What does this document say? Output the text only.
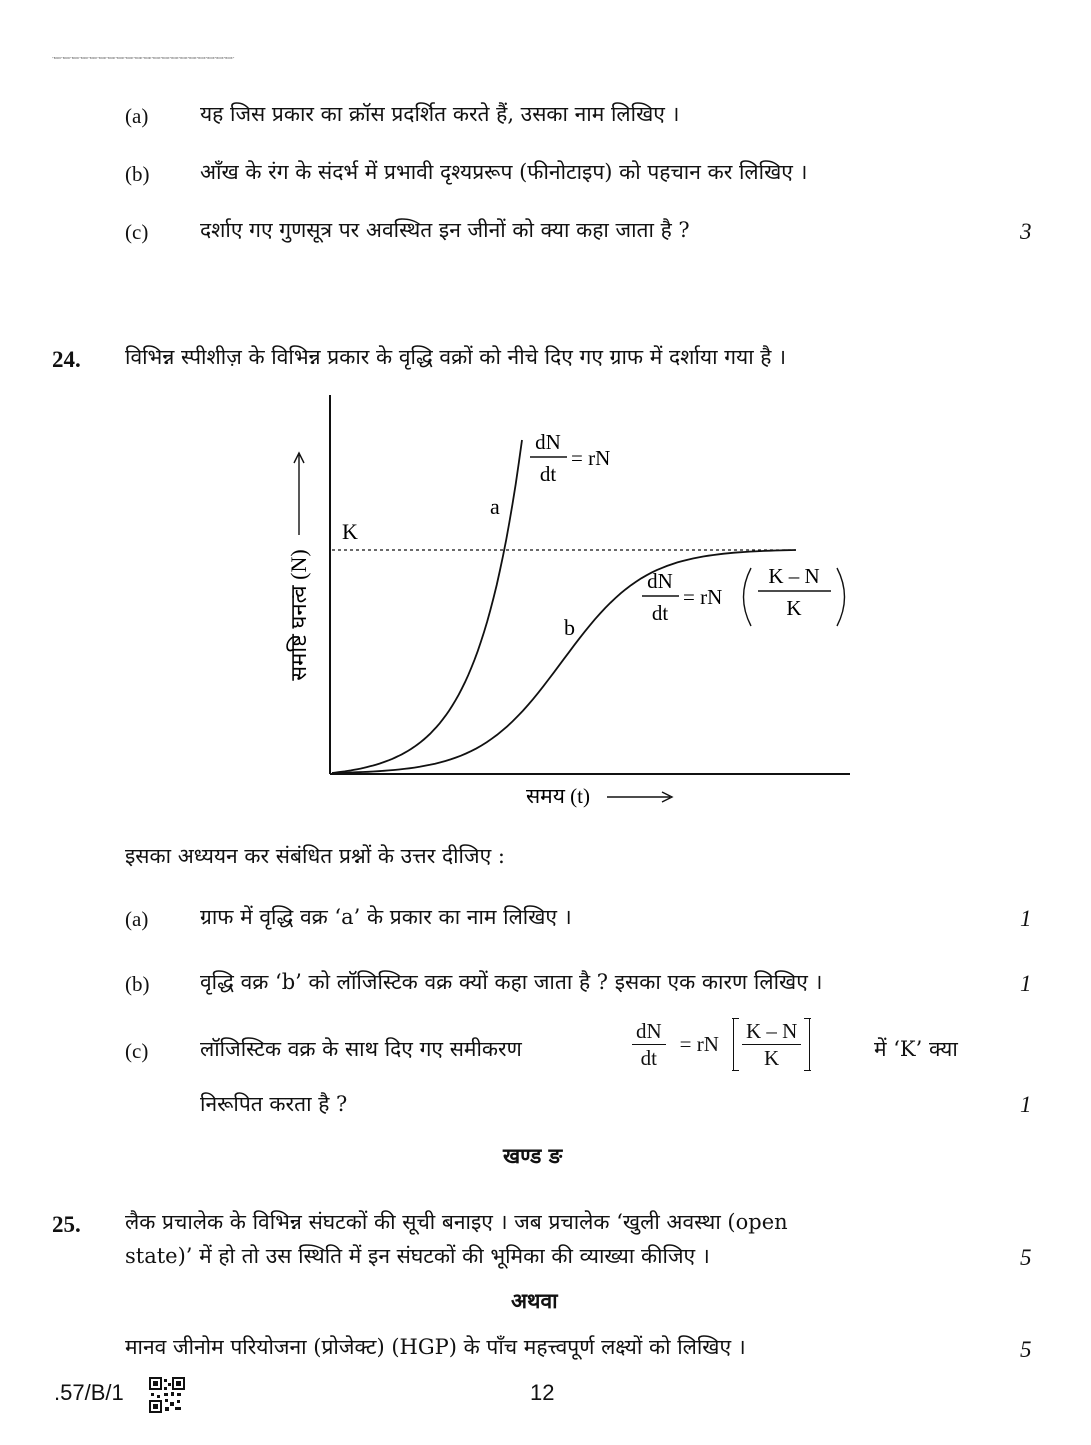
*BOOK*BOOK*BOOK*BOOK*BOOK*BOOK*BOOK*BOOK*BOOK*BOOK*BOOK*BOOK*BOOK*BOOK*BOOK*BOOK*BOOK*BOOK*BOOK*BOOK*
(a) यह जिस प्रकार का क्रॉस प्रदर्शित करते हैं, उसका नाम लिखिए ।
(b) आँख के रंग के संदर्भ में प्रभावी दृश्यप्ररूप (फीनोटाइप) को पहचान कर लिखिए ।
(c) दर्शाए गए गुणसूत्र पर अवस्थित इन जीनों को क्या कहा जाता है ?	3
24. विभिन्न स्पीशीज़ के विभिन्न प्रकार के वृद्धि वक्रों को नीचे दिए गए ग्राफ में दर्शाया गया है ।
K
a
b
dN
dt
= rN
dN
dt
= rN
K – N
K
समष्टि घनत्व (N)
समय (t)
इसका अध्ययन कर संबंधित प्रश्नों के उत्तर दीजिए :
(a) ग्राफ में वृद्धि वक्र ‘a’ के प्रकार का नाम लिखिए ।	1
(b) वृद्धि वक्र ‘b’ को लॉजिस्टिक वक्र क्यों कहा जाता है ? इसका एक कारण लिखिए ।	1
(c) लॉजिस्टिक वक्र के साथ दिए गए समीकरण	$\frac{dN}{dt}$ = rN $\frac{K - N}{K}$	में ‘K’ क्या
निरूपित करता है ?	1
खण्ड ङ
25. लैक प्रचालेक के विभिन्न संघटकों की सूची बनाइए । जब प्रचालेक ‘खुली अवस्था (open
state)’ में हो तो उस स्थिति में इन संघटकों की भूमिका की व्याख्या कीजिए ।	5
अथवा
मानव जीनोम परियोजना (प्रोजेक्ट) (HGP) के पाँच महत्त्वपूर्ण लक्ष्यों को लिखिए ।	5
.57/B/1	12
